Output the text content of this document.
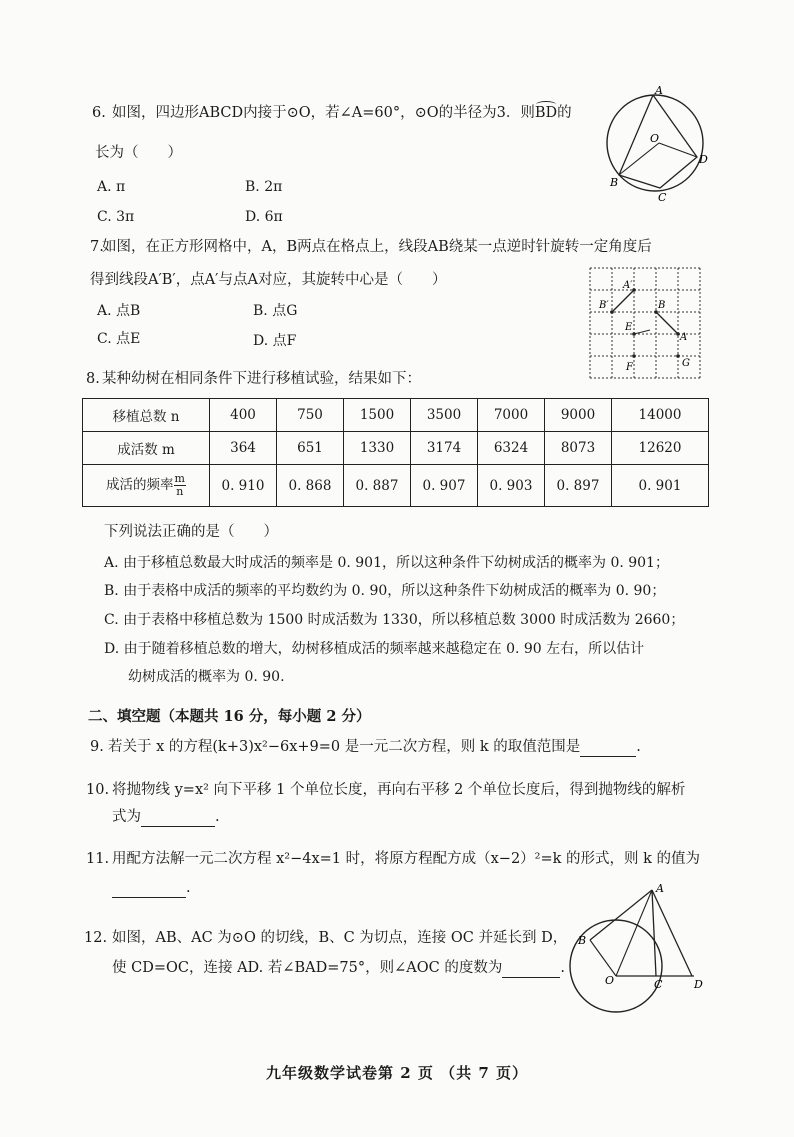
6. 如图，四边形ABCD内接于⊙O，若∠A=60°，⊙O的半径为3．则
BD的
长为（　　）
A. π	B. 2π
C. 3π	D. 6π
A
O
B
C
D
7.
如图，在正方形网格中，A，B两点在格点上，线段AB绕某一点逆时针旋转一定角度后
得到线段A′B′，点A′与点A对应，其旋转中心是（　　）
A. 点B	B. 点G
C. 点E	D. 点F
A′
B′	B
E
A
F	G
8. 某种幼树在相同条件下进行移植试验，结果如下：
移植总数 n	400	750	1500	3500	7000	9000	14000
成活数 m	364	651	1330	3174	6324	8073	12620
成活的频率 $\frac{m}{n}$	0. 910	0. 868	0. 887	0. 907	0. 903	0. 897	0. 901
下列说法正确的是（　　）
A. 由于移植总数最大时成活的频率是 0. 901，所以这种条件下幼树成活的概率为 0. 901；
B. 由于表格中成活的频率的平均数约为 0. 90，所以这种条件下幼树成活的概率为 0. 90；
C. 由于表格中移植总数为 1500 时成活数为 1330，所以移植总数 3000 时成活数为 2660；
D. 由于随着移植总数的增大，幼树移植成活的频率越来越稳定在 0. 90 左右，所以估计
幼树成活的概率为 0. 90.
二、填空题（本题共 16 分，每小题 2 分）
9. 若关于 x 的方程(k+3)x²−6x+9=0 是一元二次方程，则 k 的取值范围是	.
10. 将抛物线 y=x² 向下平移 1 个单位长度，再向右平移 2 个单位长度后，得到抛物线的解析
式为	.
11. 用配方法解一元二次方程 x²−4x=1 时，将原方程配方成（x−2）²=k 的形式，则 k 的值为
.
12. 如图，AB、AC 为⊙O 的切线，B、C 为切点，连接 OC 并延长到 D，
使 CD=OC，连接 AD. 若∠BAD=75°，则∠AOC 的度数为	.
A
B
O	C	D
九年级数学试卷第 2 页 （共 7 页）
